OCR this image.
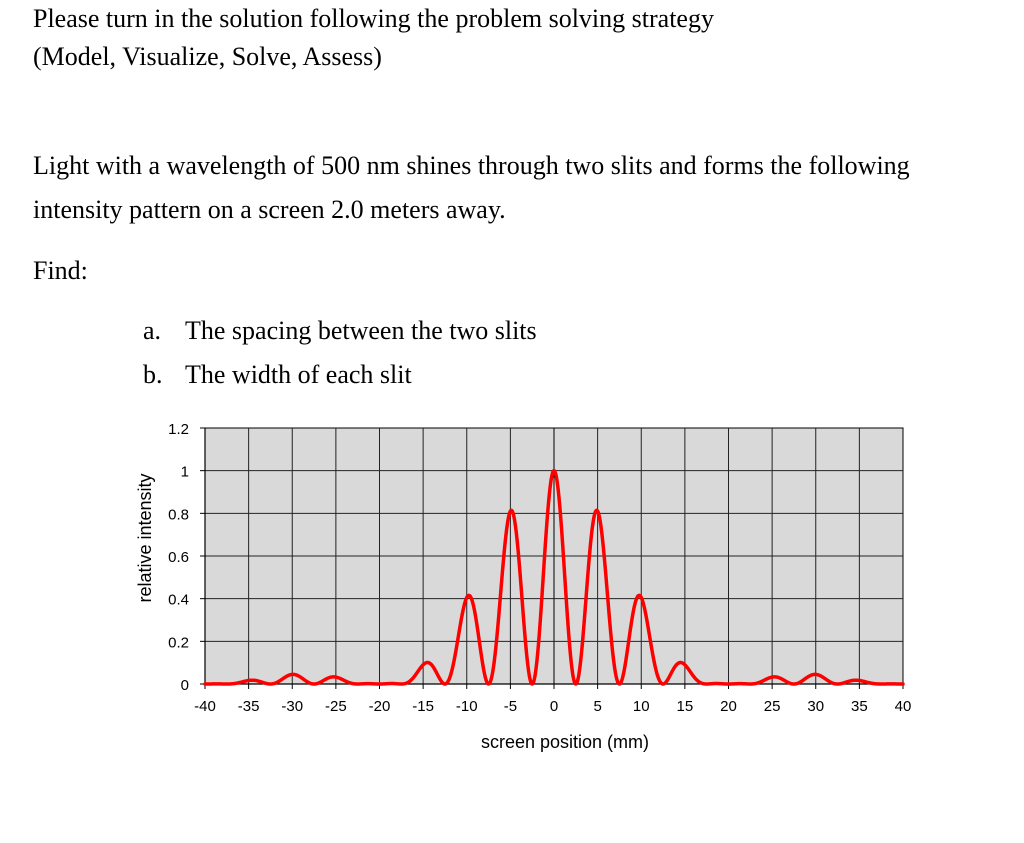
Please turn in the solution following the problem solving strategy

(Model, Visualize, Solve, Assess)

Light with a wavelength of 500 nm shines through two slits and forms the following

intensity pattern on a screen 2.0 meters away.

Find:

a. The spacing between the two slits
b. The width of each slit
0
0.2
0.4
0.6
0.8
1
1.2
-40 -35 -30 -25 -20 -15 -10 -5 0 5 10 15 20 25 30 35 40
screen position (mm)
relative intensity
